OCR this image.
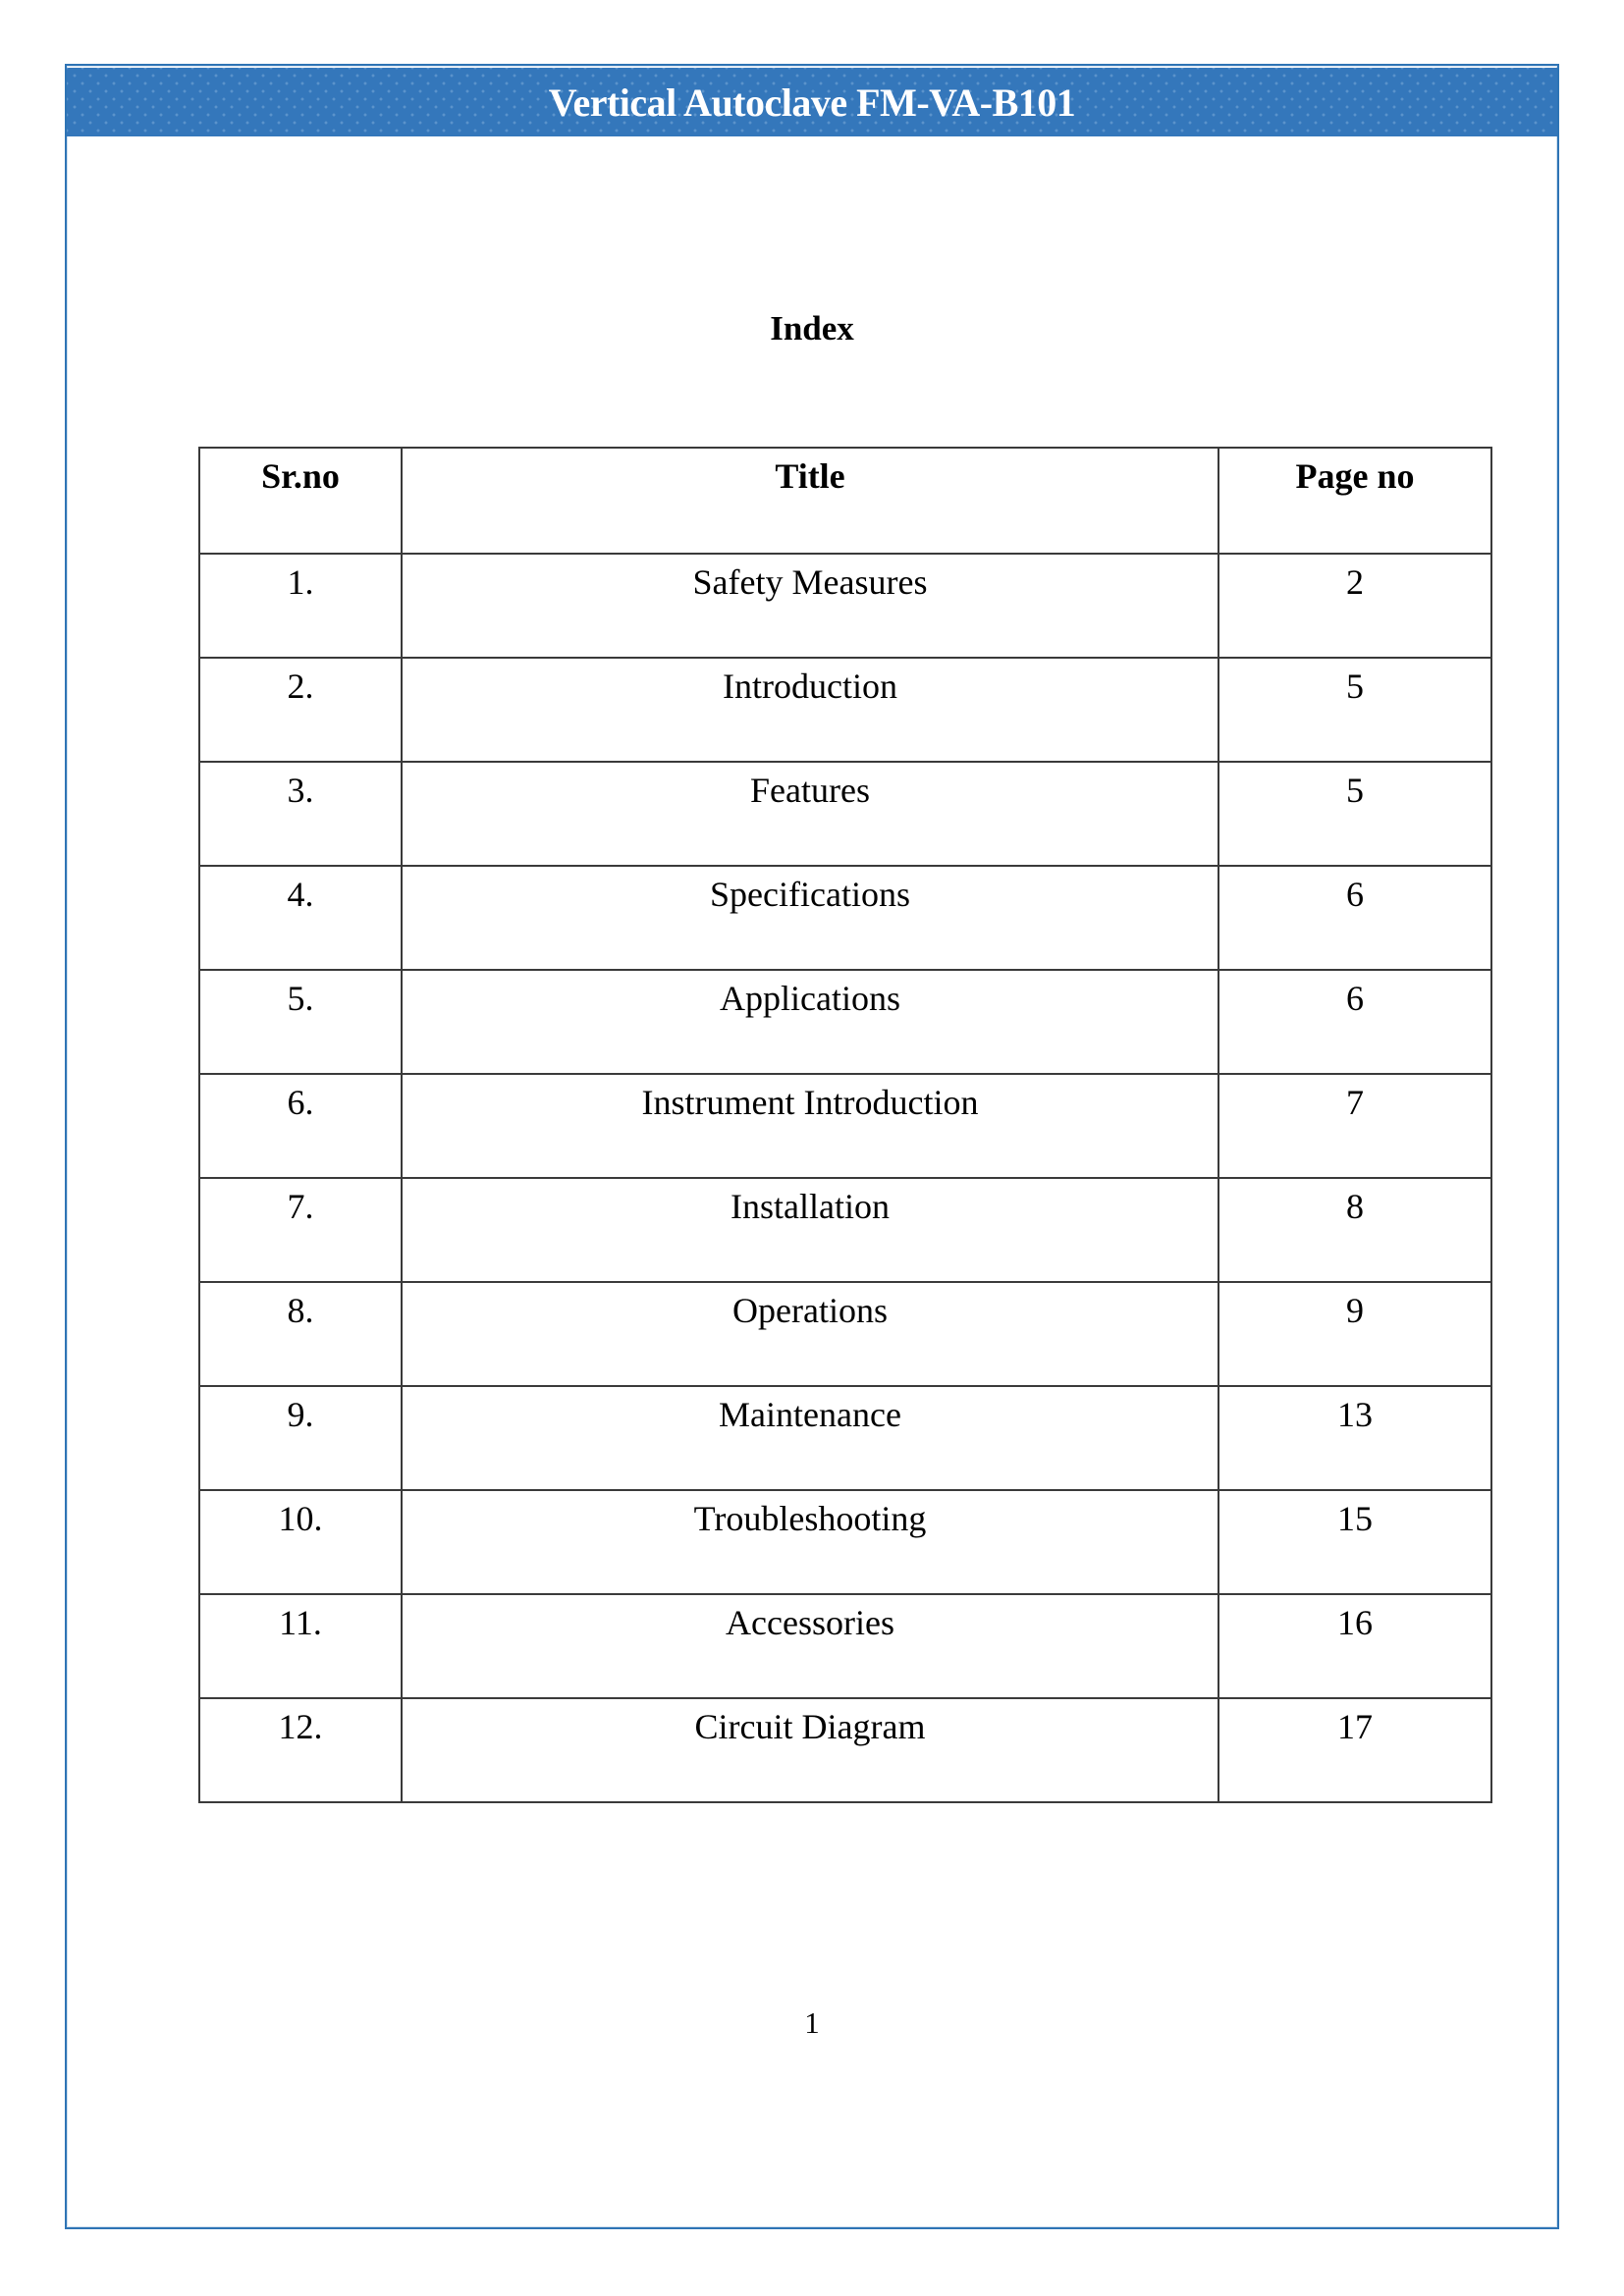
Vertical Autoclave FM-VA-B101
Index
Sr.no	Title	Page no
1.	Safety Measures	2
2.	Introduction	5
3.	Features	5
4.	Specifications	6
5.	Applications	6
6.	Instrument Introduction	7
7.	Installation	8
8.	Operations	9
9.	Maintenance	13
10.	Troubleshooting	15
11.	Accessories	16
12.	Circuit Diagram	17
1
